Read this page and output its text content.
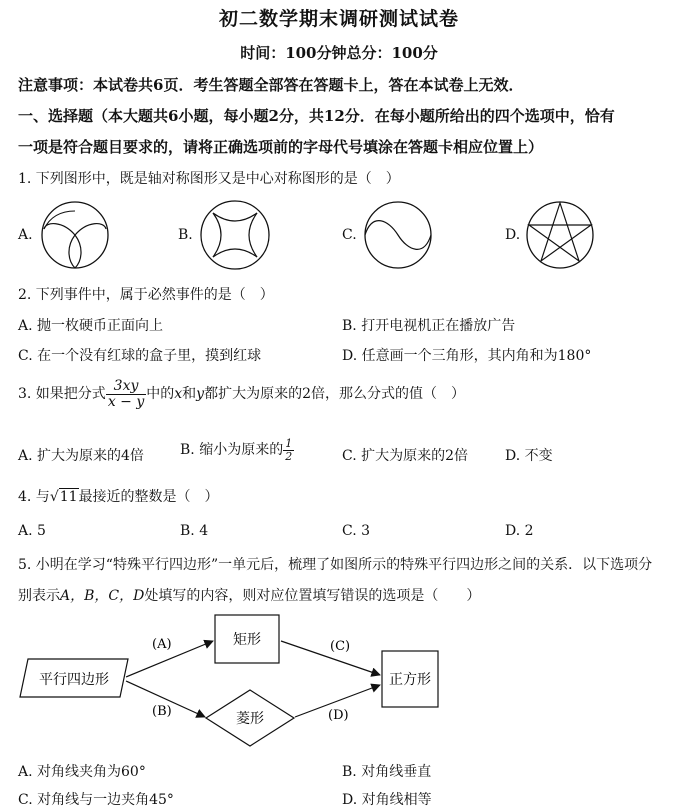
初二数学期末调研测试试卷
时间：100分钟总分：100分
注意事项：本试卷共6页．考生答题全部答在答题卡上，答在本试卷上无效．
一、选择题（本大题共6小题，每小题2分，共12分．在每小题所给出的四个选项中，恰有
一项是符合题目要求的，请将正确选项前的字母代号填涂在答题卡相应位置上）
1. 下列图形中，既是轴对称图形又是中心对称图形的是（　）
A.	B.	C.	D.
2. 下列事件中，属于必然事件的是（　）
A. 抛一枚硬币正面向上	B. 打开电视机正在播放广告
C. 在一个没有红球的盒子里，摸到红球	D. 任意画一个三角形，其内角和为180°
3. 如果把分式 $\frac{3xy}{x - y}$ 中的x和y都扩大为原来的2倍，那么分式的值（　）
A. 扩大为原来的4倍	B. 缩小为原来的 $\frac{1}{2}$	C. 扩大为原来的2倍	D. 不变
4. 与√11最接近的整数是（　）
A. 5	B. 4	C. 3	D. 2
5. 小明在学习“特殊平行四边形”一单元后，梳理了如图所示的特殊平行四边形之间的关系．以下选项分
别表示A，B，C，D处填写的内容，则对应位置填写错误的选项是（　　）
平行四边形
矩形
菱形
正方形
(A)
(B)
(C)
(D)
A. 对角线夹角为60°	B. 对角线垂直
C. 对角线与一边夹角45°	D. 对角线相等
